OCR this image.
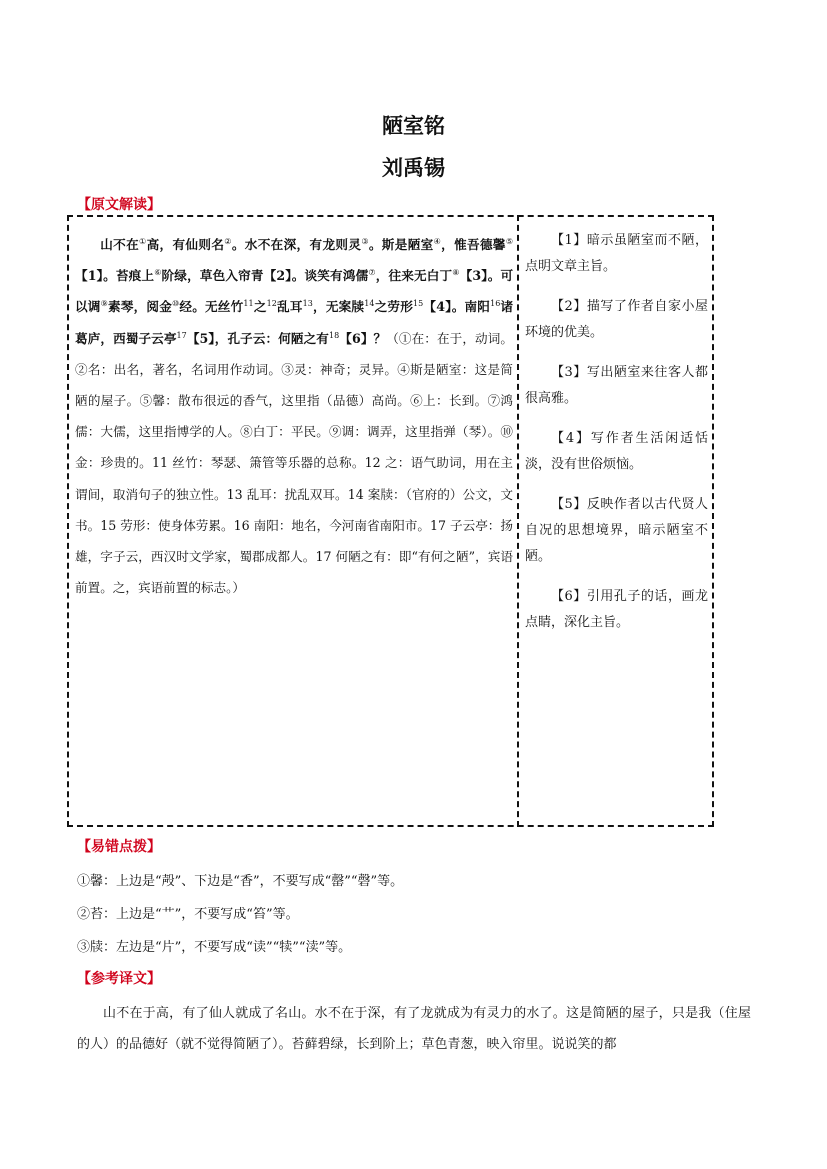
陋室铭
刘禹锡
【原文解读】
山不在①高，有仙则名②。水不在深，有龙则灵③。斯是陋室④，惟吾德馨⑤【1】。苔痕上⑥阶绿，草色入帘青【2】。谈笑有鸿儒⑦，往来无白丁⑧【3】。可以调⑨素琴，阅金⑩经。无丝竹$^{11}$之$^{12}$乱耳$^{13}$，无案牍$^{14}$之劳形$^{15}$【4】。南阳$^{16}$诸葛庐，西蜀子云亭$^{17}$【5】，孔子云：何陋之有$^{18}$【6】？（①在：在于，动词。②名：出名，著名，名词用作动词。③灵：神奇；灵异。④斯是陋室：这是简陋的屋子。⑤馨：散布很远的香气，这里指（品德）高尚。⑥上：长到。⑦鸿儒：大儒，这里指博学的人。⑧白丁：平民。⑨调：调弄，这里指弹（琴）。⑩金：珍贵的。11 丝竹：琴瑟、箫管等乐器的总称。12 之：语气助词，用在主谓间，取消句子的独立性。13 乱耳：扰乱双耳。14 案牍：（官府的）公文，文书。15 劳形：使身体劳累。16 南阳：地名，今河南省南阳市。17 子云亭：扬雄，字子云，西汉时文学家，蜀郡成都人。17 何陋之有：即“有何之陋”，宾语前置。之，宾语前置的标志。）

【1】暗示虽陋室而不陋，点明文章主旨。

【2】描写了作者自家小屋环境的优美。

【3】写出陋室来往客人都很高雅。

【4】写作者生活闲适恬淡，没有世俗烦恼。

【5】反映作者以古代贤人自况的思想境界，暗示陋室不陋。

【6】引用孔子的话，画龙点睛，深化主旨。

【易错点拨】
①馨：上边是“殸”、下边是“香”，不要写成“罄”“磬”等。
②苔：上边是“艹”，不要写成“笞”等。
③牍：左边是“片”，不要写成“读”“犊”“渎”等。
【参考译文】
山不在于高，有了仙人就成了名山。水不在于深，有了龙就成为有灵力的水了。这是简陋的屋子，只是我（住屋的人）的品德好（就不觉得简陋了）。苔藓碧绿，长到阶上；草色青葱，映入帘里。说说笑的都
